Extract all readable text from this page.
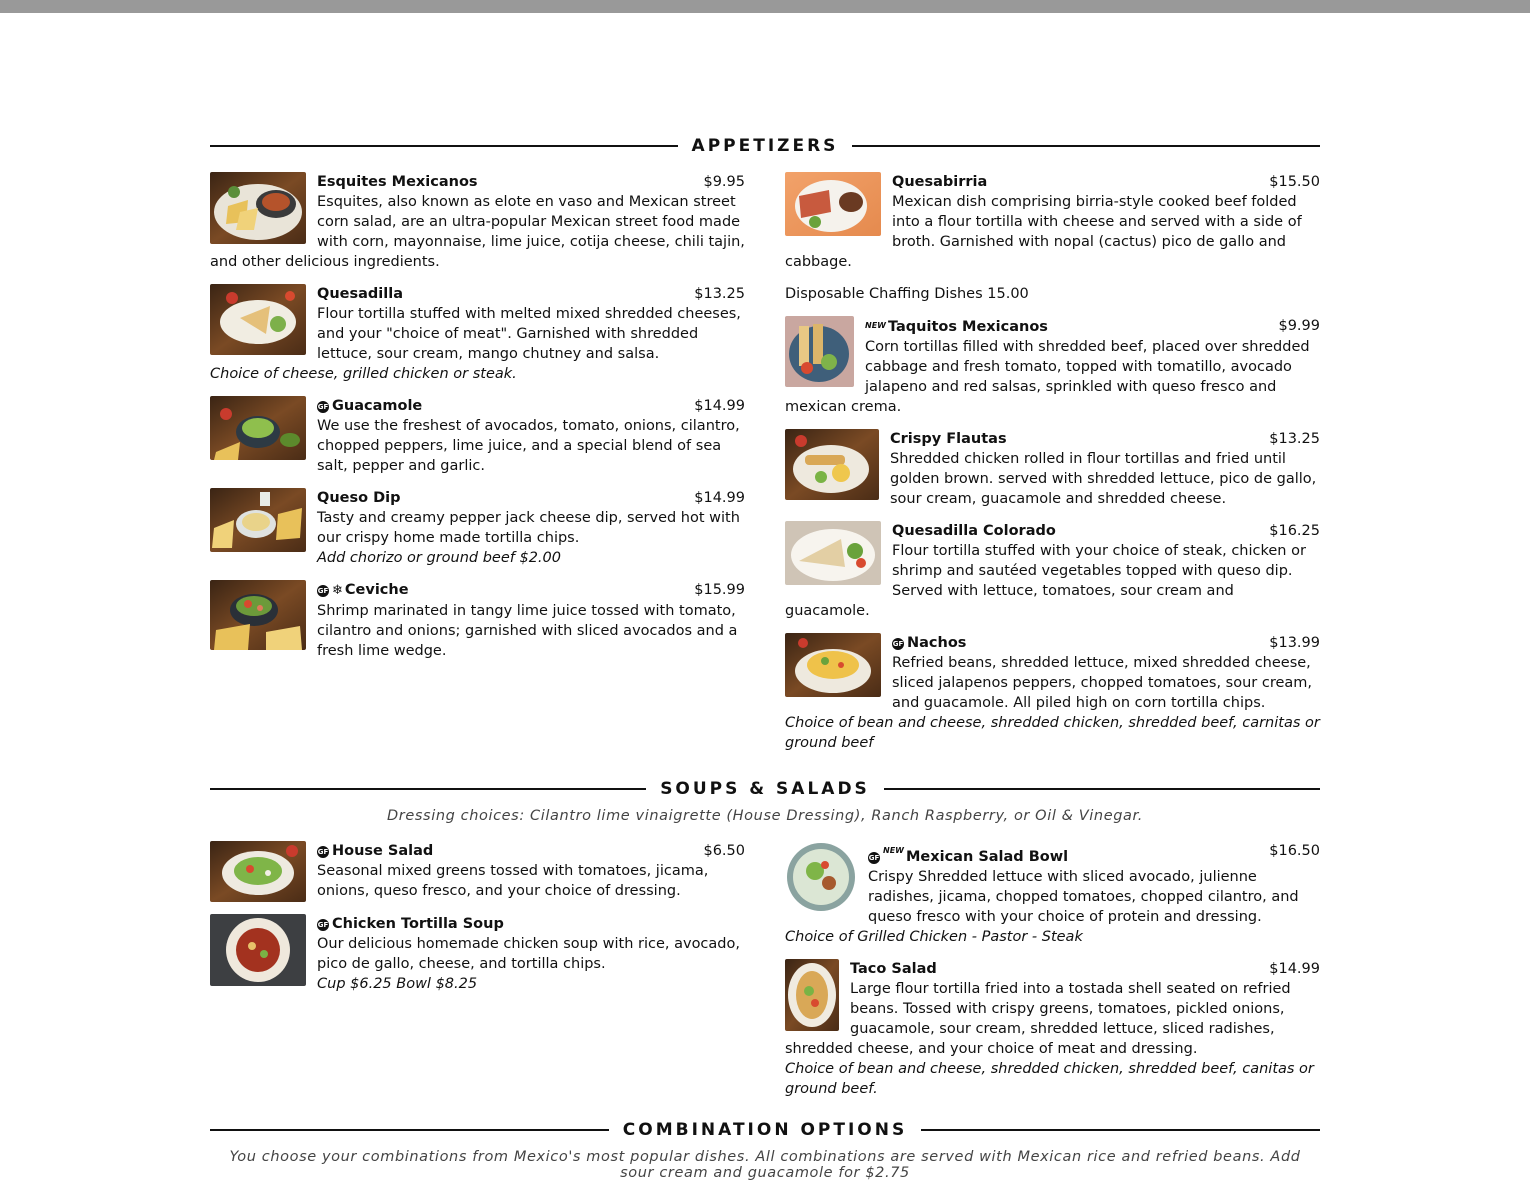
APPETIZERS
$9.95
Esquites Mexicanos
Esquites, also known as elote en vaso and Mexican street corn salad, are an ultra-popular Mexican street food made with corn, mayonnaise, lime juice, cotija cheese, chili tajin, and other delicious ingredients.
$13.25
Quesadilla
Flour tortilla stuffed with melted mixed shredded cheeses, and your "choice of meat". Garnished with shredded lettuce, sour cream, mango chutney and salsa.
Choice of cheese, grilled chicken or steak.
$14.99
GF Guacamole
We use the freshest of avocados, tomato, onions, cilantro, chopped peppers, lime juice, and a special blend of sea salt, pepper and garlic.
$14.99
Queso Dip
Tasty and creamy pepper jack cheese dip, served hot with our crispy home made tortilla chips.
Add chorizo or ground beef $2.00
$15.99
GF ❄ Ceviche
Shrimp marinated in tangy lime juice tossed with tomato, cilantro and onions; garnished with sliced avocados and a fresh lime wedge.
$15.50
Quesabirria
Mexican dish comprising birria-style cooked beef folded into a flour tortilla with cheese and served with a side of broth. Garnished with nopal (cactus) pico de gallo and cabbage.
Disposable Chaffing Dishes 15.00
$9.99
NEW Taquitos Mexicanos
Corn tortillas filled with shredded beef, placed over shredded cabbage and fresh tomato, topped with tomatillo, avocado jalapeno and red salsas, sprinkled with queso fresco and mexican crema.
$13.25
Crispy Flautas
Shredded chicken rolled in flour tortillas and fried until golden brown. served with shredded lettuce, pico de gallo, sour cream, guacamole and shredded cheese.
$16.25
Quesadilla Colorado
Flour tortilla stuffed with your choice of steak, chicken or shrimp and sautéed vegetables topped with queso dip. Served with lettuce, tomatoes, sour cream and guacamole.
$13.99
GF Nachos
Refried beans, shredded lettuce, mixed shredded cheese, sliced jalapenos peppers, chopped tomatoes, sour cream, and guacamole. All piled high on corn tortilla chips.
Choice of bean and cheese, shredded chicken, shredded beef, carnitas or ground beef
SOUPS & SALADS
Dressing choices: Cilantro lime vinaigrette (House Dressing), Ranch Raspberry, or Oil & Vinegar.
$6.50
GF House Salad
Seasonal mixed greens tossed with tomatoes, jicama, onions, queso fresco, and your choice of dressing.
GF Chicken Tortilla Soup
Our delicious homemade chicken soup with rice, avocado, pico de gallo, cheese, and tortilla chips.
Cup $6.25 Bowl $8.25
$16.50
GFNEW Mexican Salad Bowl
Crispy Shredded lettuce with sliced avocado, julienne radishes, jicama, chopped tomatoes, chopped cilantro, and queso fresco with your choice of protein and dressing.
Choice of Grilled Chicken - Pastor - Steak
$14.99
Taco Salad
Large flour tortilla fried into a tostada shell seated on refried beans. Tossed with crispy greens, tomatoes, pickled onions, guacamole, sour cream, shredded lettuce, sliced radishes, shredded cheese, and your choice of meat and dressing.
Choice of bean and cheese, shredded chicken, shredded beef, canitas or ground beef.
COMBINATION OPTIONS
You choose your combinations from Mexico's most popular dishes. All combinations are served with Mexican rice and refried beans. Add sour cream and guacamole for $2.75
